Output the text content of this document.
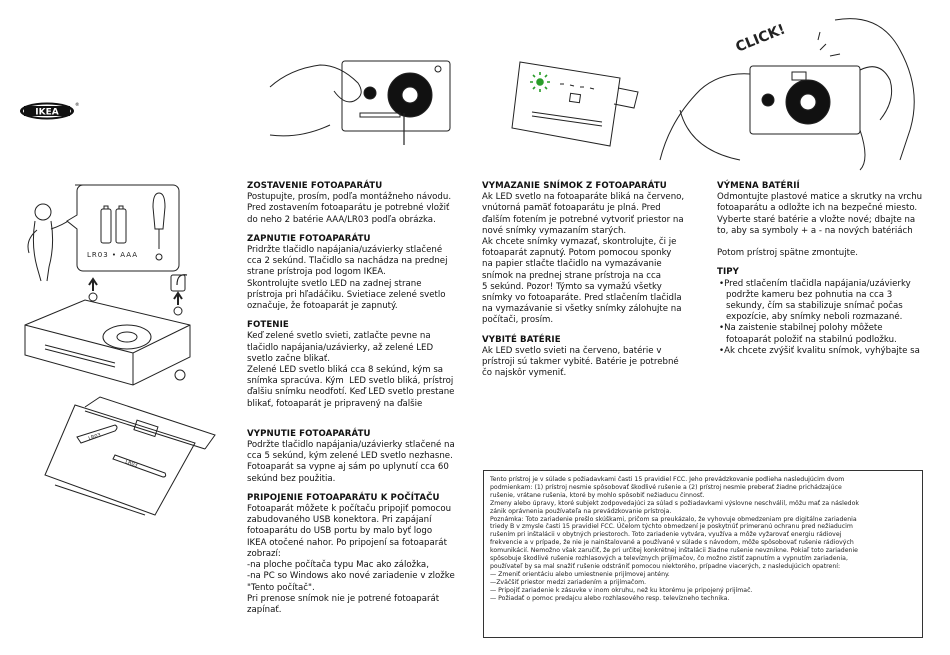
IKEA
®
LR03 • AAA
LR03
LR03
CLICK!
ZOSTAVENIE FOTOAPARÁTU

Postupujte, prosím, podľa montážneho návodu.
Pred zostavením fotoaparátu je potrebné vložiť
do neho 2 batérie AAA/LR03 podľa obrázka.

ZAPNUTIE FOTOAPARÁTU

Pridržte tlačidlo napájania/uzávierky stlačené
cca 2 sekúnd. Tlačidlo sa nachádza na prednej
strane prístroja pod logom IKEA.
Skontrolujte svetlo LED na zadnej strane
prístroja pri hľadáčiku. Svietiace zelené svetlo
označuje, že fotoaparát je zapnutý.

FOTENIE

Keď zelené svetlo svieti, zatlačte pevne na
tlačidlo napájania/uzávierky, až zelené LED
svetlo začne blikať.
Zelené LED svetlo bliká cca 8 sekúnd, kým sa
snímka spracúva. Kým  LED svetlo bliká, prístroj
ďalšiu snímku neodfotí. Keď LED svetlo prestane
blikať, fotoaparát je pripravený na ďalšie

VYPNUTIE FOTOAPARÁTU

Podržte tlačidlo napájania/uzávierky stlačené na
cca 5 sekúnd, kým zelené LED svetlo nezhasne.
Fotoaparát sa vypne aj sám po uplynutí cca 60
sekúnd bez použitia.

PRIPOJENIE FOTOAPARÁTU K POČÍTAČU

Fotoaparát môžete k počítaču pripojiť pomocou
zabudovaného USB konektora. Pri zapájaní
fotoaparátu do USB portu by malo byť logo
IKEA otočené nahor. Po pripojení sa fotoaparát
zobrazí:
-na ploche počítača typu Mac ako záložka,
-na PC so Windows ako nové zariadenie v zložke
"Tento počítač".
Pri prenose snímok nie je potrené fotoaparát
zapínať.

VYMAZANIE SNÍMOK Z FOTOAPARÁTU

Ak LED svetlo na fotoaparáte bliká na červeno,
vnútorná pamäť fotoaparátu je plná. Pred
ďalším fotením je potrebné vytvoriť priestor na
nové snímky vymazaním starých.
Ak chcete snímky vymazať, skontrolujte, či je
fotoaparát zapnutý. Potom pomocou sponky
na papier stlačte tlačidlo na vymazávanie
snímok na prednej strane prístroja na cca
5 sekúnd. Pozor! Týmto sa vymažú všetky
snímky vo fotoaparáte. Pred stlačením tlačidla
na vymazávanie si všetky snímky zálohujte na
počítači, prosím.

VYBITÉ BATÉRIE

Ak LED svetlo svieti na červeno, batérie v
prístroji sú takmer vybité. Batérie je potrebné
čo najskôr vymeniť.

VÝMENA BATÉRIÍ

Odmontujte plastové matice a skrutky na vrchu
fotoaparátu a odložte ich na bezpečné miesto.
Vyberte staré batérie a vložte nové; dbajte na
to, aby sa symboly + a - na nových batériách

Potom prístroj spätne zmontujte.

TIPY

•Pred stlačením tlačidla napájania/uzávierky
podržte kameru bez pohnutia na cca 3
sekundy, čím sa stabilizuje snímač počas
expozície, aby snímky neboli rozmazané.

•Na zaistenie stabilnej polohy môžete
fotoaparát položiť na stabilnú podložku.

•Ak chcete zvýšiť kvalitu snímok, vyhýbajte sa

Tento prístroj je v súlade s požiadavkami časti 15 pravidiel FCC. Jeho prevádzkovanie podlieha nasledujúcim dvom

podmienkam: (1) prístroj nesmie spôsobovať škodlivé rušenie a (2) prístroj nesmie preberať žiadne prichádzajúce

rušenie, vrátane rušenia, ktoré by mohlo spôsobiť nežiaducu činnosť.

Zmeny alebo úpravy, ktoré subjekt zodpovedajúci za súlad s požiadavkami výslovne neschválil, môžu mať za následok

zánik oprávnenia používateľa na prevádzkovanie prístroja.

Poznámka: Toto zariadenie prešlo skúškami, pričom sa preukázalo, že vyhovuje obmedzeniam pre digitálne zariadenia

triedy B v zmysle časti 15 pravidiel FCC. Účelom týchto obmedzení je poskytnúť primeranú ochranu pred nežiaducim

rušením pri inštalácii v obytných priestoroch. Toto zariadenie vytvára, využíva a môže vyžarovať energiu rádiovej

frekvencie a v prípade, že nie je nainštalované a používané v súlade s návodom, môže spôsobovať rušenie rádiových

komunikácií. Nemožno však zaručiť, že pri určitej konkrétnej inštalácii žiadne rušenie nevznikne. Pokiaľ toto zariadenie

spôsobuje škodlivé rušenie rozhlasových a televíznych prijímačov, čo možno zistiť zapnutím a vypnutím zariadenia,

používateľ by sa mal snažiť rušenie odstrániť pomocou niektorého, prípadne viacerých, z nasledujúcich opatrení:

— Zmeniť orientáciu alebo umiestnenie prijímovej antény.

—Zväčšiť priestor medzi zariadením a prijímačom.

— Pripojiť zariadenie k zásuvke v inom okruhu, než ku ktorému je pripojený prijímač.

— Požiadať o pomoc predajcu alebo rozhlasového resp. televízneho technika.
